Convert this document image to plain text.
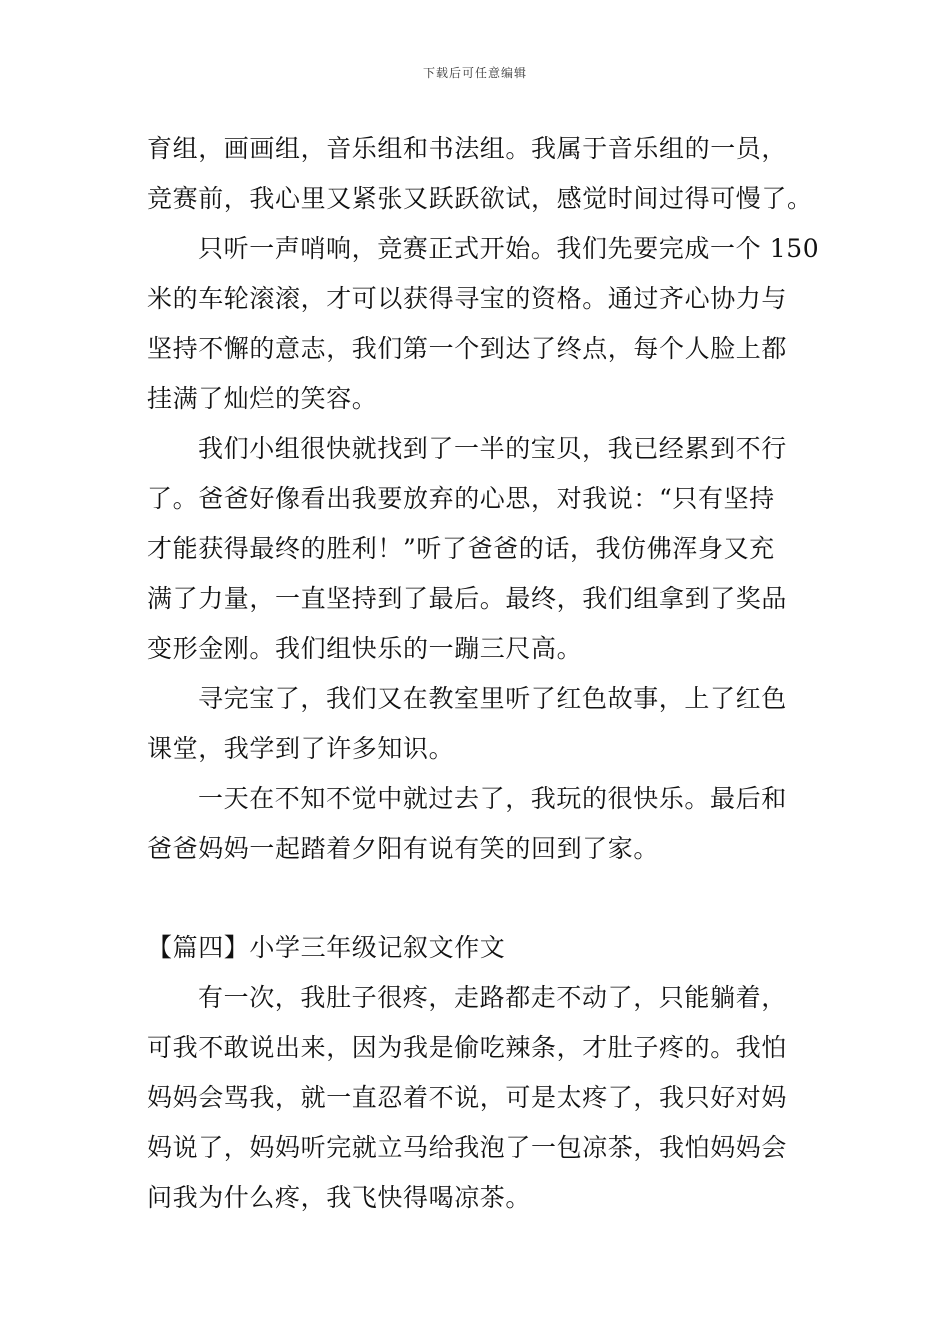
下载后可任意编辑
育组，画画组，音乐组和书法组。我属于音乐组的一员，
竞赛前，我心里又紧张又跃跃欲试，感觉时间过得可慢了。
只听一声哨响，竞赛正式开始。我们先要完成一个 150
米的车轮滚滚，才可以获得寻宝的资格。通过齐心协力与
坚持不懈的意志，我们第一个到达了终点，每个人脸上都
挂满了灿烂的笑容。
我们小组很快就找到了一半的宝贝，我已经累到不行
了。爸爸好像看出我要放弃的心思，对我说：“只有坚持
才能获得最终的胜利！”听了爸爸的话，我仿佛浑身又充
满了力量，一直坚持到了最后。最终，我们组拿到了奖品
变形金刚。我们组快乐的一蹦三尺高。
寻完宝了，我们又在教室里听了红色故事，上了红色
课堂，我学到了许多知识。
一天在不知不觉中就过去了，我玩的很快乐。最后和
爸爸妈妈一起踏着夕阳有说有笑的回到了家。
【篇四】小学三年级记叙文作文
有一次，我肚子很疼，走路都走不动了，只能躺着，
可我不敢说出来，因为我是偷吃辣条，才肚子疼的。我怕
妈妈会骂我，就一直忍着不说，可是太疼了，我只好对妈
妈说了，妈妈听完就立马给我泡了一包凉茶，我怕妈妈会
问我为什么疼，我飞快得喝凉茶。
